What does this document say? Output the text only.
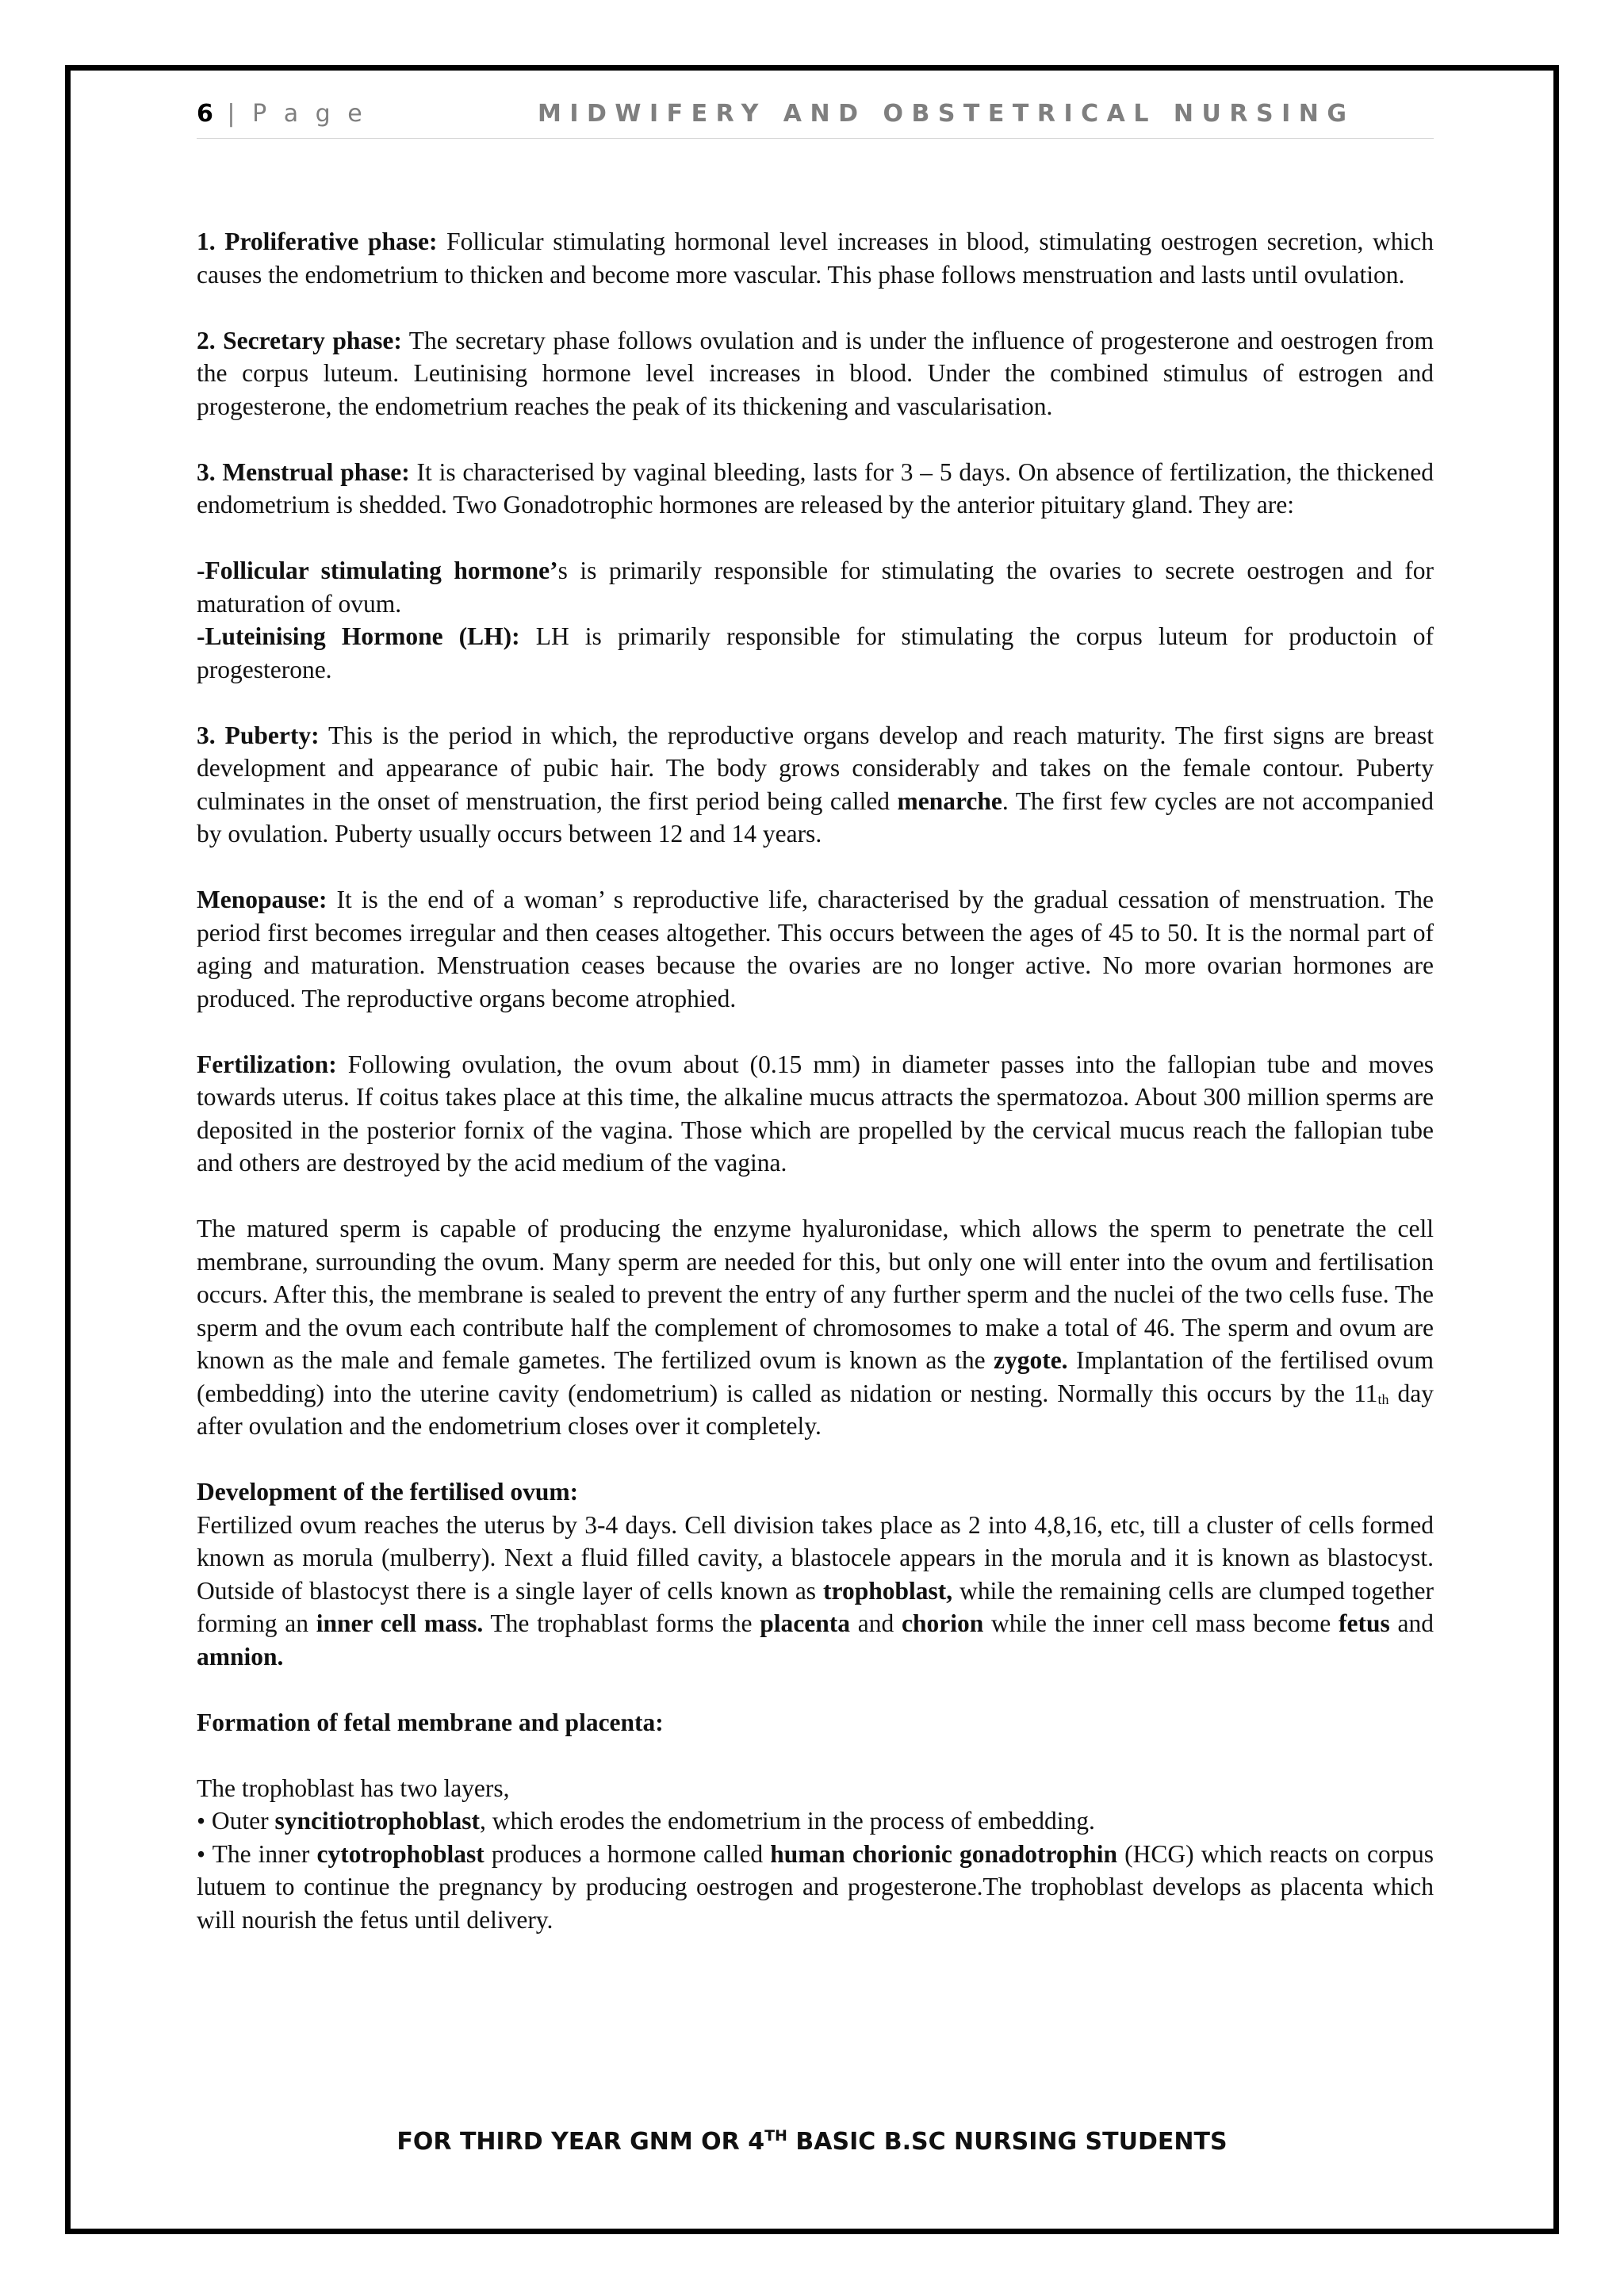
6 | P a g e	MIDWIFERY AND OBSTETRICAL NURSING

1. Proliferative phase: Follicular stimulating hormonal level increases in blood, stimulating oestrogen secretion, which causes the endometrium to thicken and become more vascular. This phase follows menstruation and lasts until ovulation.

2. Secretary phase: The secretary phase follows ovulation and is under the influence of progesterone and oestrogen from the corpus luteum. Leutinising hormone level increases in blood. Under the combined stimulus of estrogen and progesterone, the endometrium reaches the peak of its thickening and vascularisation.

3. Menstrual phase: It is characterised by vaginal bleeding, lasts for 3 – 5 days. On absence of fertilization, the thickened endometrium is shedded. Two Gonadotrophic hormones are released by the anterior pituitary gland. They are:

-Follicular stimulating hormone’s is primarily responsible for stimulating the ovaries to secrete oestrogen and for maturation of ovum.

-Luteinising Hormone (LH): LH is primarily responsible for stimulating the corpus luteum for productoin of progesterone.

3. Puberty: This is the period in which, the reproductive organs develop and reach maturity. The first signs are breast development and appearance of pubic hair. The body grows considerably and takes on the female contour. Puberty culminates in the onset of menstruation, the first period being called menarche. The first few cycles are not accompanied by ovulation. Puberty usually occurs between 12 and 14 years.

Menopause: It is the end of a woman’ s reproductive life, characterised by the gradual cessation of menstruation. The period first becomes irregular and then ceases altogether. This occurs between the ages of 45 to 50. It is the normal part of aging and maturation. Menstruation ceases because the ovaries are no longer active. No more ovarian hormones are produced. The reproductive organs become atrophied.

Fertilization: Following ovulation, the ovum about (0.15 mm) in diameter passes into the fallopian tube and moves towards uterus. If coitus takes place at this time, the alkaline mucus attracts the spermatozoa. About 300 million sperms are deposited in the posterior fornix of the vagina. Those which are propelled by the cervical mucus reach the fallopian tube and others are destroyed by the acid medium of the vagina.

The matured sperm is capable of producing the enzyme hyaluronidase, which allows the sperm to penetrate the cell membrane, surrounding the ovum. Many sperm are needed for this, but only one will enter into the ovum and fertilisation occurs. After this, the membrane is sealed to prevent the entry of any further sperm and the nuclei of the two cells fuse. The sperm and the ovum each contribute half the complement of chromosomes to make a total of 46. The sperm and ovum are known as the male and female gametes. The fertilized ovum is known as the zygote. Implantation of the fertilised ovum (embedding) into the uterine cavity (endometrium) is called as nidation or nesting. Normally this occurs by the $11_{th}$ day after ovulation and the endometrium closes over it completely.

Development of the fertilised ovum:

Fertilized ovum reaches the uterus by 3-4 days. Cell division takes place as 2 into 4,8,16, etc, till a cluster of cells formed known as morula (mulberry). Next a fluid filled cavity, a blastocele appears in the morula and it is known as blastocyst. Outside of blastocyst there is a single layer of cells known as trophoblast, while the remaining cells are clumped together forming an inner cell mass. The trophablast forms the placenta and chorion while the inner cell mass become fetus and amnion.

Formation of fetal membrane and placenta:

The trophoblast has two layers,

• Outer syncitiotrophoblast, which erodes the endometrium in the process of embedding.

• The inner cytotrophoblast produces a hormone called human chorionic gonadotrophin (HCG) which reacts on corpus lutuem to continue the pregnancy by producing oestrogen and progesterone.The trophoblast develops as placenta which will nourish the fetus until delivery.

FOR THIRD YEAR GNM OR 4TH BASIC B.SC NURSING STUDENTS
